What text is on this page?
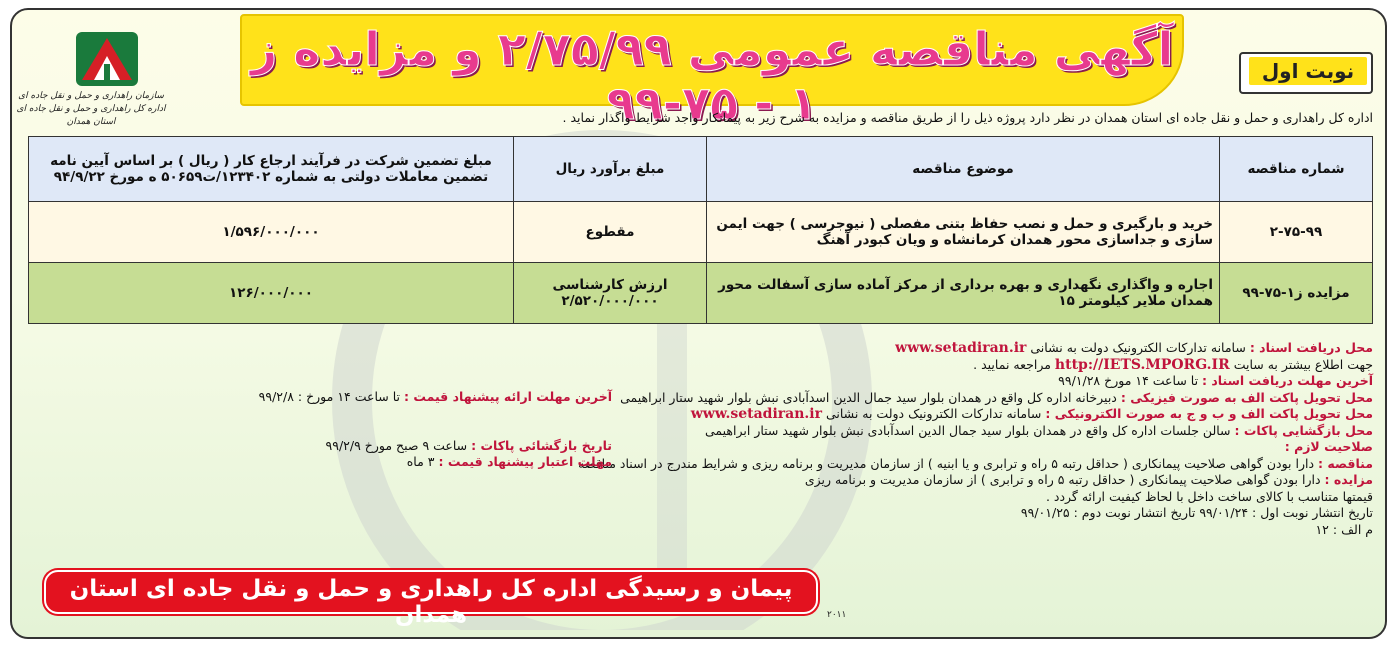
سازمان راهداری و حمل و نقل جاده ای
اداره کل راهداری و حمل و نقل جاده ای استان همدان
آگهی مناقصه عمومی ۲/۷۵/۹۹ و مزایده ز ۱ - ۷۵-۹۹
نوبت اول
اداره کل راهداری و حمل و نقل جاده ای استان همدان در نظر دارد پروژه ذیل را از طریق مناقصه و مزایده به شرح زیر به پیمانکار واجد شرایط واگذار نماید .
شماره مناقصه	موضوع مناقصه	مبلغ برآورد ریال	مبلغ تضمین شرکت در فرآیند ارجاع کار ( ریال ) بر اساس آیین نامه تضمین معاملات دولتی به شماره ۱۲۳۴۰۲/ت۵۰۶۵۹ ه مورخ ۹۴/۹/۲۲
۲-۷۵-۹۹	خرید و بارگیری و حمل و نصب حفاظ بتنی مفصلی ( نیوجرسی ) جهت ایمن سازی و جداسازی محور همدان کرمانشاه و ویان کبودر آهنگ	مقطوع	۱/۵۹۶/۰۰۰/۰۰۰
مزایده ز۱-۷۵-۹۹	اجاره و واگذاری نگهداری و بهره برداری از مرکز آماده سازی آسفالت محور همدان ملایر کیلومتر ۱۵	ارزش کارشناسی ۲/۵۲۰/۰۰۰/۰۰۰	۱۲۶/۰۰۰/۰۰۰
محل دریافت اسناد : سامانه تدارکات الکترونیک دولت به نشانی www.setadiran.ir
جهت اطلاع بیشتر به سایت http://IETS.MPORG.IR مراجعه نمایید .
آخرین مهلت دریافت اسناد : تا ساعت ۱۴ مورخ ۹۹/۱/۲۸
محل تحویل پاکت الف به صورت فیزیکی : دبیرخانه اداره کل واقع در همدان بلوار سید جمال الدین اسدآبادی نبش بلوار شهید ستار ابراهیمی
محل تحویل پاکت الف و ب و ج به صورت الکترونیکی : سامانه تدارکات الکترونیک دولت به نشانی www.setadiran.ir
محل بازگشایی پاکات : سالن جلسات اداره کل واقع در همدان بلوار سید جمال الدین اسدآبادی نبش بلوار شهید ستار ابراهیمی
صلاحیت لازم :
مناقصه : دارا بودن گواهی صلاحیت پیمانکاری ( حداقل رتبه ۵ راه و ترابری و یا ابنیه ) از سازمان مدیریت و برنامه ریزی و شرایط مندرج در اسناد مناقصه
مزایده : دارا بودن گواهی صلاحیت پیمانکاری ( حداقل رتبه ۵ راه و ترابری ) از سازمان مدیریت و برنامه ریزی
قیمتها متناسب با کالای ساخت داخل با لحاظ کیفیت ارائه گردد .
تاریخ انتشار نوبت اول : ۹۹/۰۱/۲۴ تاریخ انتشار نوبت دوم : ۹۹/۰۱/۲۵
م الف : ۱۲
آخرین مهلت ارائه پیشنهاد قیمت : تا ساعت ۱۴ مورخ : ۹۹/۲/۸
تاریخ بازگشائی پاکات : ساعت ۹ صبح مورخ ۹۹/۲/۹
مهلت اعتبار پیشنهاد قیمت : ۳ ماه
پیمان و رسیدگی اداره کل راهداری و حمل و نقل جاده ای استان همدان	۲۰۱۱
